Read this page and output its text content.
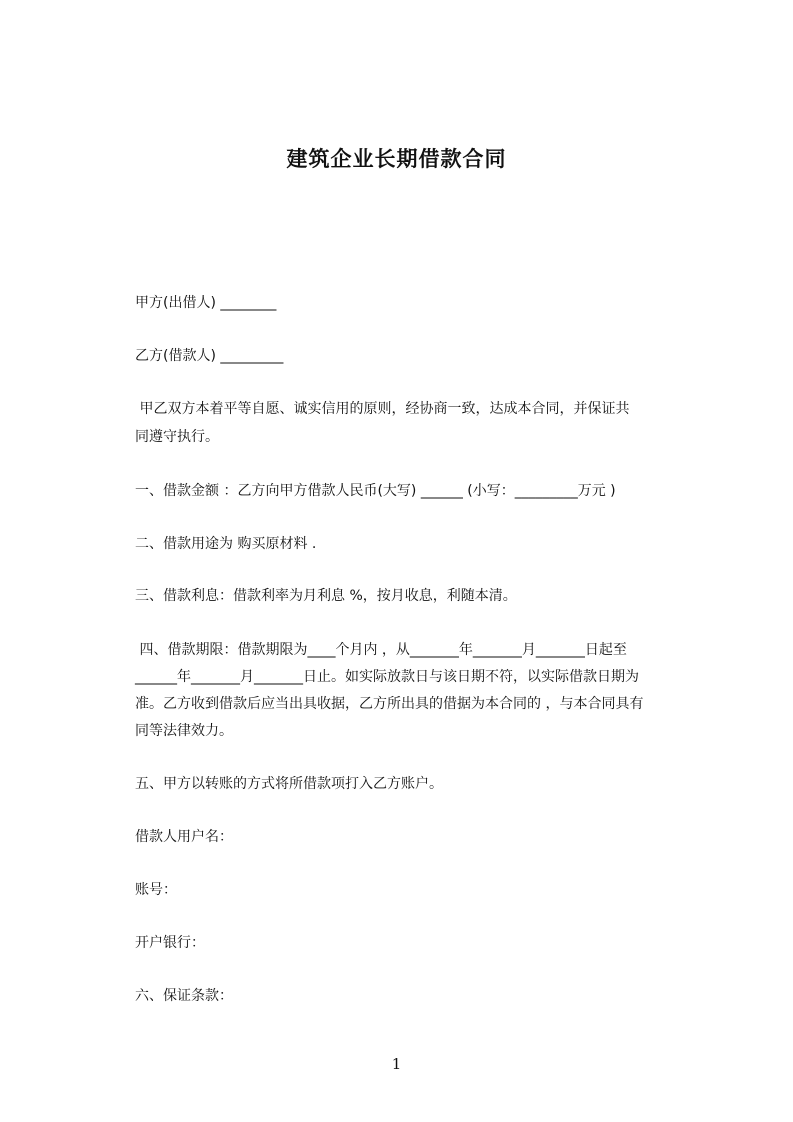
建筑企业长期借款合同
甲方(出借人) ________
乙方(借款人) _________
甲乙双方本着平等自愿、诚实信用的原则，经协商一致，达成本合同，并保证共
同遵守执行。
一、借款金额 ：乙方向甲方借款人民币(大写) ______ (小写：_________万元 )
二、借款用途为 购买原材料 .
三、借款利息：借款利率为月利息 %，按月收息，利随本清。
四、借款期限：借款期限为____个月内 ，从_______年_______月_______日起至
______年_______月_______日止。如实际放款日与该日期不符，以实际借款日期为
准。乙方收到借款后应当出具收据，乙方所出具的借据为本合同的 ，与本合同具有
同等法律效力。
五、甲方以转账的方式将所借款项打入乙方账户。
借款人用户名：
账号：
开户银行：
六、保证条款：
1
